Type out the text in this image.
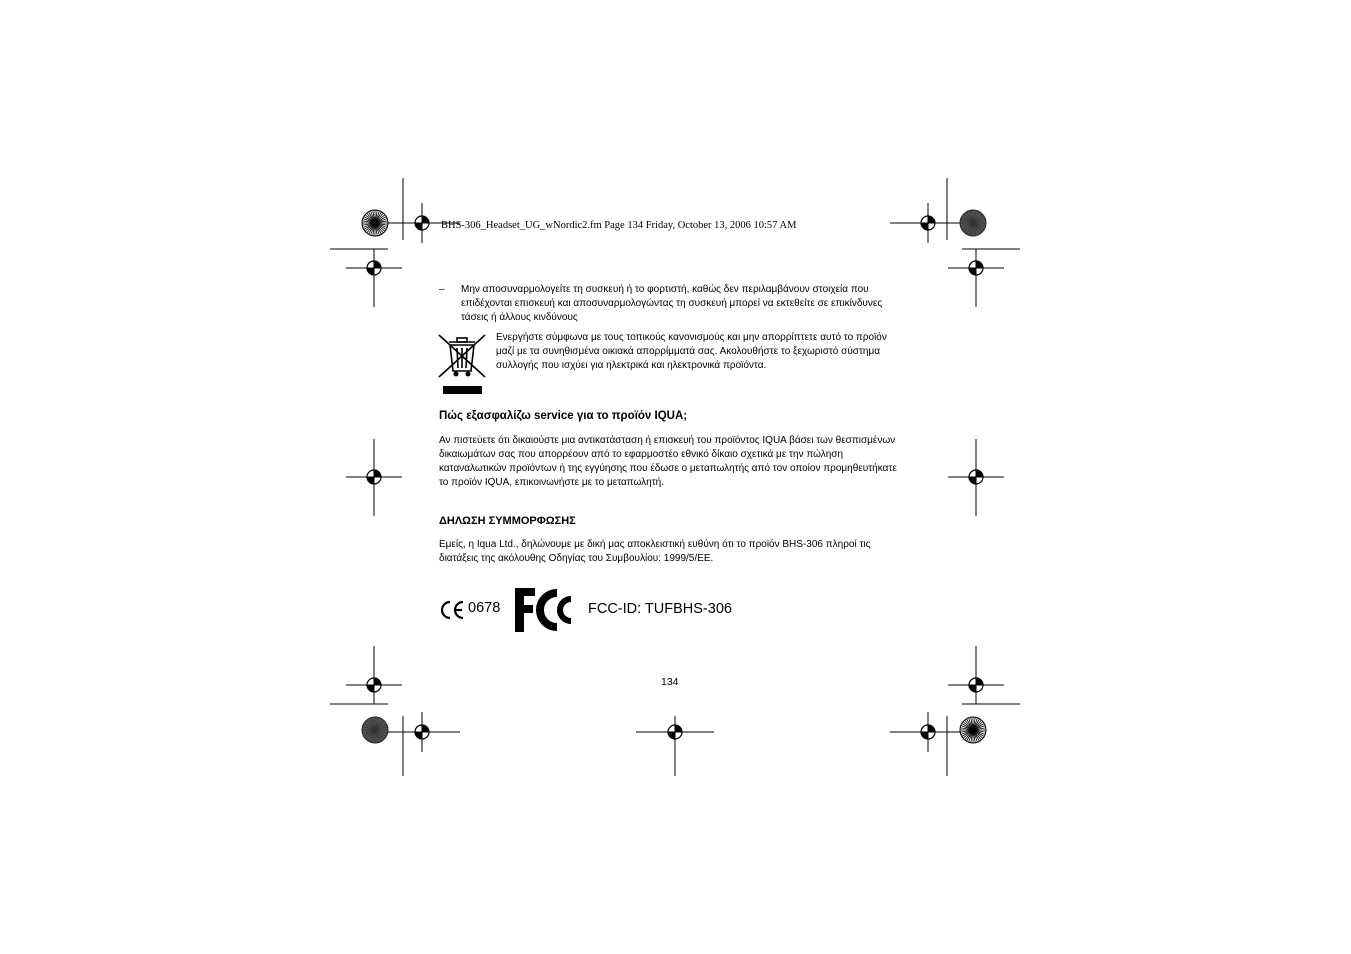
BHS-306_Headset_UG_wNordic2.fm Page 134 Friday, October 13, 2006 10:57 AM
– Μην αποσυναρμολογείτε τη συσκευή ή το φορτιστή, καθώς δεν περιλαμβάνουν στοιχεία που επιδέχονται επισκευή και αποσυναρμολογώντας τη συσκευή μπορεί να εκτεθείτε σε επικίνδυνες τάσεις ή άλλους κινδύνους
Ενεργήστε σύμφωνα με τους τοπικούς κανονισμούς και μην απορρίπτετε αυτό το προϊόν μαζί με τα συνηθισμένα οικιακά απορρίμματά σας. Ακολουθήστε το ξεχωριστό σύστημα συλλογής που ισχύει για ηλεκτρικά και ηλεκτρονικά προϊόντα.
Πώς εξασφαλίζω service για το προϊόν IQUA;
Αν πιστεύετε ότι δικαιούστε μια αντικατάσταση ή επισκευή του προϊόντος IQUA βάσει των θεσπισμένων δικαιωμάτων σας που απορρέουν από το εφαρμοστέο εθνικό δίκαιο σχετικά με την πώληση καταναλωτικών προϊόντων ή της εγγύησης που έδωσε ο μεταπωλητής από τον οποίον προμηθευτήκατε το προϊόν IQUA, επικοινωνήστε με το μεταπωλητή.
ΔΗΛΩΣΗ ΣΥΜΜΟΡΦΩΣΗΣ
Εμείς, η Iqua Ltd., δηλώνουμε με δική μας αποκλειστική ευθύνη ότι το προϊόν BHS-306 πληροί τις διατάξεις της ακόλουθης Οδηγίας του Συμβουλίου: 1999/5/EE.
0678	FCC-ID: TUFBHS-306
134
